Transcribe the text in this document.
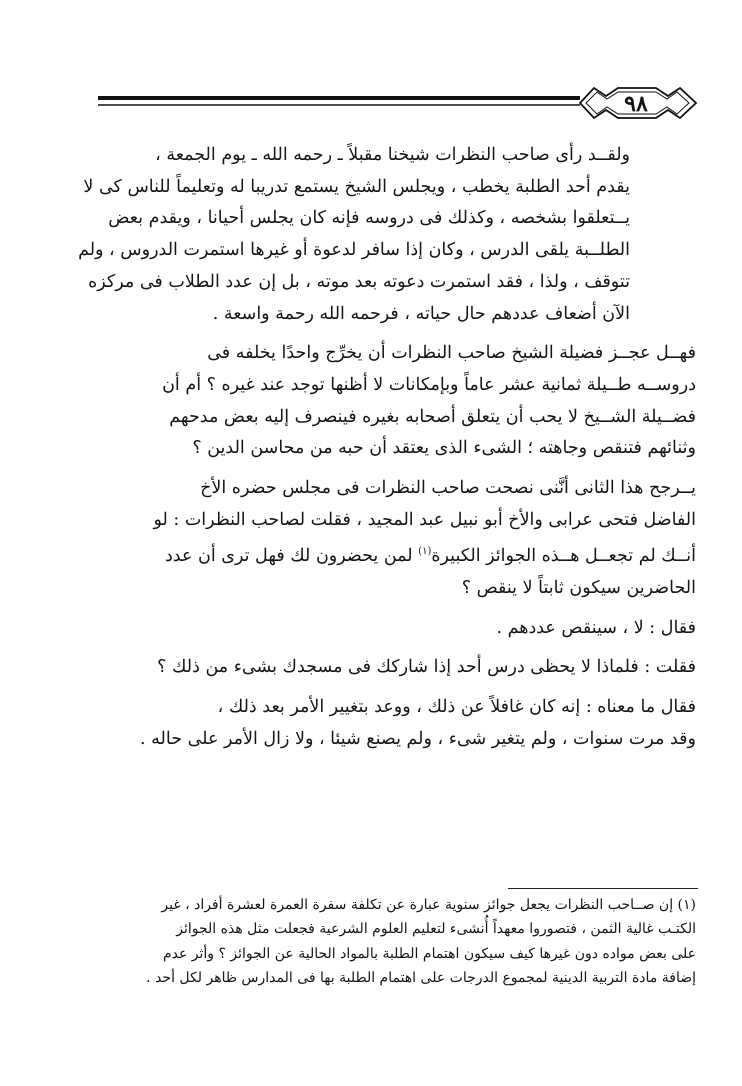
٩٨

ولقــد رأى صاحب النظرات شيخنا مقبلاً ـ رحمه الله ـ يوم الجمعة ،
يقدم أحد الطلبة يخطب ، ويجلس الشيخ يستمع تدريبا له وتعليماً للناس كى لا
يــتعلقوا بشخصه ، وكذلك فى دروسه فإنه كان يجلس أحيانا ، ويقدم بعض
الطلــبة يلقى الدرس ، وكان إذا سافر لدعوة أو غيرها استمرت الدروس ، ولم
تتوقف ، ولذا ، فقد استمرت دعوته بعد موته ، بل إن عدد الطلاب فى مركزه
الآن أضعاف عددهم حال حياته ، فرحمه الله رحمة واسعة .

فهــل عجــز فضيلة الشيخ صاحب النظرات أن يخرِّج واحدًا يخلفه فى
دروســه طــيلة ثمانية عشر عاماً وبإمكانات لا أظنها توجد عند غيره ؟ أم أن
فضــيلة الشــيخ لا يحب أن يتعلق أصحابه بغيره فينصرف إليه بعض مدحهم
وثنائهم فتنقص وجاهته ؛ الشىء الذى يعتقد أن حبه من محاسن الدين ؟

يــرجح هذا الثانى أنَّنى نصحت صاحب النظرات فى مجلس حضره الأخ
الفاضل فتحى عرابى والأخ أبو نبيل عبد المجيد ، فقلت لصاحب النظرات : لو
أنــك لم تجعــل هــذه الجوائز الكبيرة$^{(١)}$ لمن يحضرون لك فهل ترى أن عدد
الحاضرين سيكون ثابتاً لا ينقص ؟

فقال : لا ، سينقص عددهم .

فقلت : فلماذا لا يحظى درس أحد إذا شاركك فى مسجدك بشىء من ذلك ؟

فقال ما معناه : إنه كان غافلاً عن ذلك ، ووعد بتغيير الأمر بعد ذلك ،
وقد مرت سنوات ، ولم يتغير شىء ، ولم يصنع شيئا ، ولا زال الأمر على حاله .

(١) إن صــاحب النظرات يجعل جوائز سنوية عبارة عن تكلفة سفرة العمرة لعشرة أفراد ، غير
الكتـب غالية الثمن ، فتصوروا معهداً أُنشىء لتعليم العلوم الشرعية فجعلت مثل هذه الجوائز
على بعض مواده دون غيرها كيف سيكون اهتمام الطلبة بالمواد الحالية عن الجوائز ؟ وأثر عدم
إضافة مادة التربية الدينية لمجموع الدرجات على اهتمام الطلبة بها فى المدارس ظاهر لكل أحد .
